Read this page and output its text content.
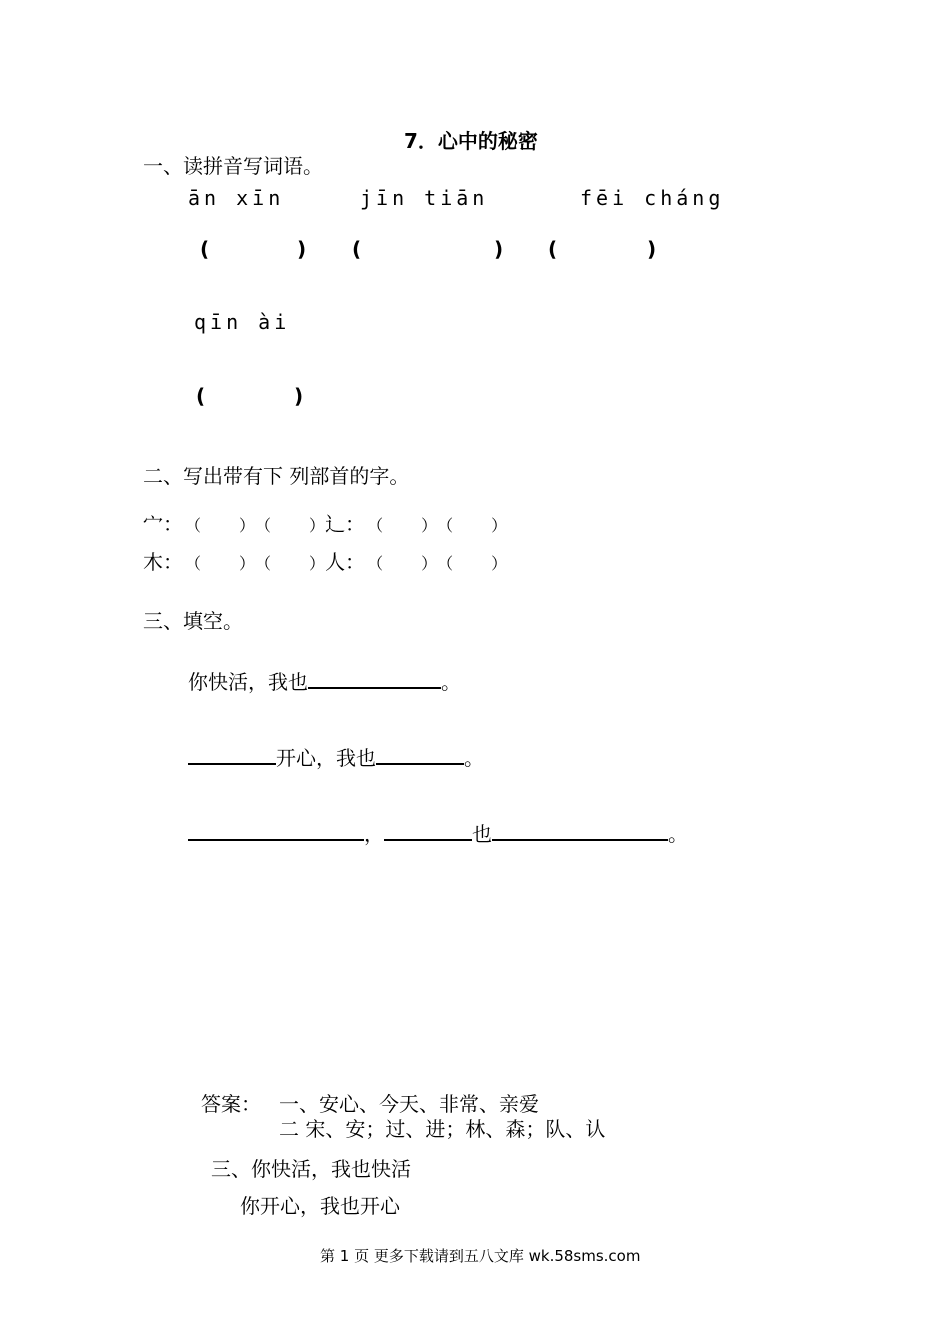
7．心中的秘密
一、读拼音写词语。
ān xīn	jīn tiān	fēi cháng
(	) (	) (	)
qīn ài
(	)
二、写出带有下 列部首的字。
宀： （ ） （ ）⻌： （ ） （ ）
木： （ ） （ ）人： （ ） （ ）
三、填空。
你快活，我也	。
开心，我也	。
，	也	。
答案： 一、安心、今天、非常、亲爱
二 宋、安；过、进；林、森；队、认
三、你快活，我也快活
你开心，我也开心
第 1 页 更多下载请到五八文库 wk.58sms.com
